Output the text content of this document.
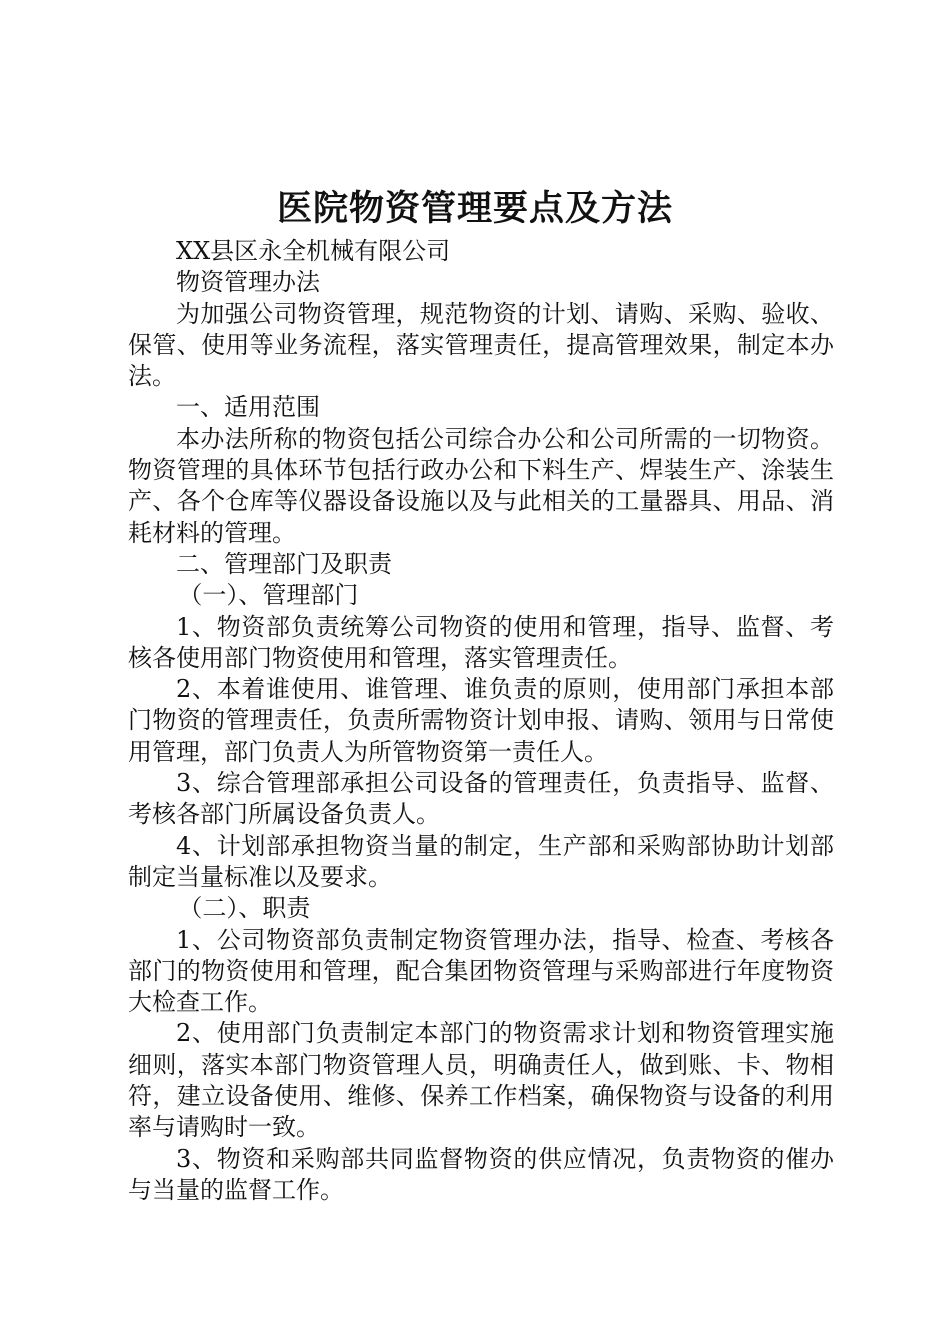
医院物资管理要点及方法

XX县区永全机械有限公司

物资管理办法

为加强公司物资管理，规范物资的计划、请购、采购、验收、保管、使用等业务流程，落实管理责任，提高管理效果，制定本办法。

一、适用范围

本办法所称的物资包括公司综合办公和公司所需的一切物资。物资管理的具体环节包括行政办公和下料生产、焊装生产、涂装生产、各个仓库等仪器设备设施以及与此相关的工量器具、用品、消耗材料的管理。

二、管理部门及职责

（一）、管理部门

1、物资部负责统筹公司物资的使用和管理，指导、监督、考核各使用部门物资使用和管理，落实管理责任。

2、本着谁使用、谁管理、谁负责的原则，使用部门承担本部门物资的管理责任，负责所需物资计划申报、请购、领用与日常使用管理，部门负责人为所管物资第一责任人。

3、综合管理部承担公司设备的管理责任，负责指导、监督、考核各部门所属设备负责人。

4、计划部承担物资当量的制定，生产部和采购部协助计划部制定当量标准以及要求。

（二）、职责

1、公司物资部负责制定物资管理办法，指导、检查、考核各部门的物资使用和管理，配合集团物资管理与采购部进行年度物资大检查工作。

2、使用部门负责制定本部门的物资需求计划和物资管理实施细则，落实本部门物资管理人员，明确责任人，做到账、卡、物相符，建立设备使用、维修、保养工作档案，确保物资与设备的利用率与请购时一致。

3、物资和采购部共同监督物资的供应情况，负责物资的催办与当量的监督工作。
